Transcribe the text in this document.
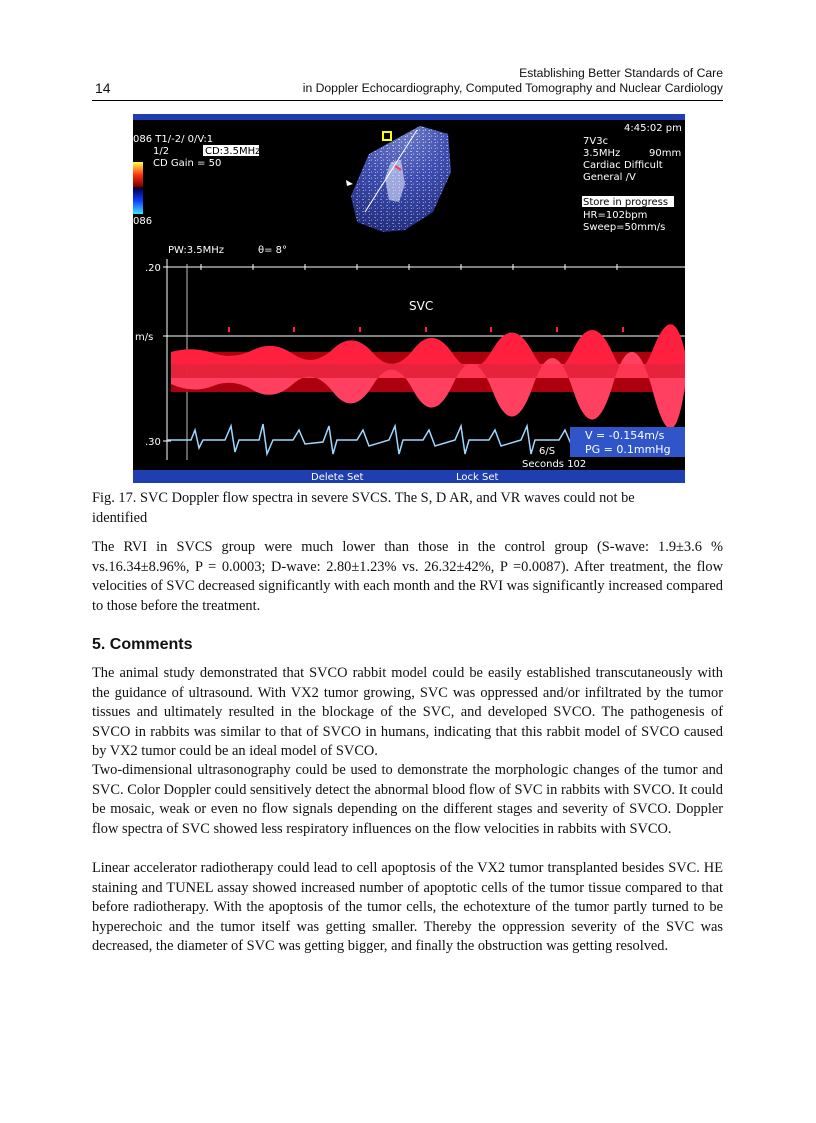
14
Establishing Better Standards of Care
in Doppler Echocardiography, Computed Tomography and Nuclear Cardiology
086 T1/-2/ 0/V:1
1/2	CD:3.5MHz
CD Gain = 50
086
4:45:02 pm
7V3c
3.5MHz	90mm
Cardiac Difficult
General /V
Store in progress
HR=102bpm
Sweep=50mm/s
PW:3.5MHz	θ= 8°
.20
m/s
.30
SVC
V = -0.154m/s
PG = 0.1mmHg
6/S
Seconds 102
Delete Set	Lock Set
Fig. 17. SVC Doppler flow spectra in severe SVCS. The S, D AR, and VR waves could not be
identified
The RVI in SVCS group were much lower than those in the control group (S-wave: 1.9±3.6 % vs.16.34±8.96%, P = 0.0003; D-wave: 2.80±1.23% vs. 26.32±42%, P =0.0087). After treatment, the flow velocities of SVC decreased significantly with each month and the RVI was significantly increased compared to those before the treatment.
5. Comments
The animal study demonstrated that SVCO rabbit model could be easily established transcutaneously with the guidance of ultrasound. With VX2 tumor growing, SVC was oppressed and/or infiltrated by the tumor tissues and ultimately resulted in the blockage of the SVC, and developed SVCO. The pathogenesis of SVCO in rabbits was similar to that of SVCO in humans, indicating that this rabbit model of SVCO caused by VX2 tumor could be an ideal model of SVCO.
Two-dimensional ultrasonography could be used to demonstrate the morphologic changes of the tumor and SVC. Color Doppler could sensitively detect the abnormal blood flow of SVC in rabbits with SVCO. It could be mosaic, weak or even no flow signals depending on the different stages and severity of SVCO. Doppler flow spectra of SVC showed less respiratory influences on the flow velocities in rabbits with SVCO.
Linear accelerator radiotherapy could lead to cell apoptosis of the VX2 tumor transplanted besides SVC. HE staining and TUNEL assay showed increased number of apoptotic cells of the tumor tissue compared to that before radiotherapy. With the apoptosis of the tumor cells, the echotexture of the tumor partly turned to be hyperechoic and the tumor itself was getting smaller. Thereby the oppression severity of the SVC was decreased, the diameter of SVC was getting bigger, and finally the obstruction was getting resolved.
